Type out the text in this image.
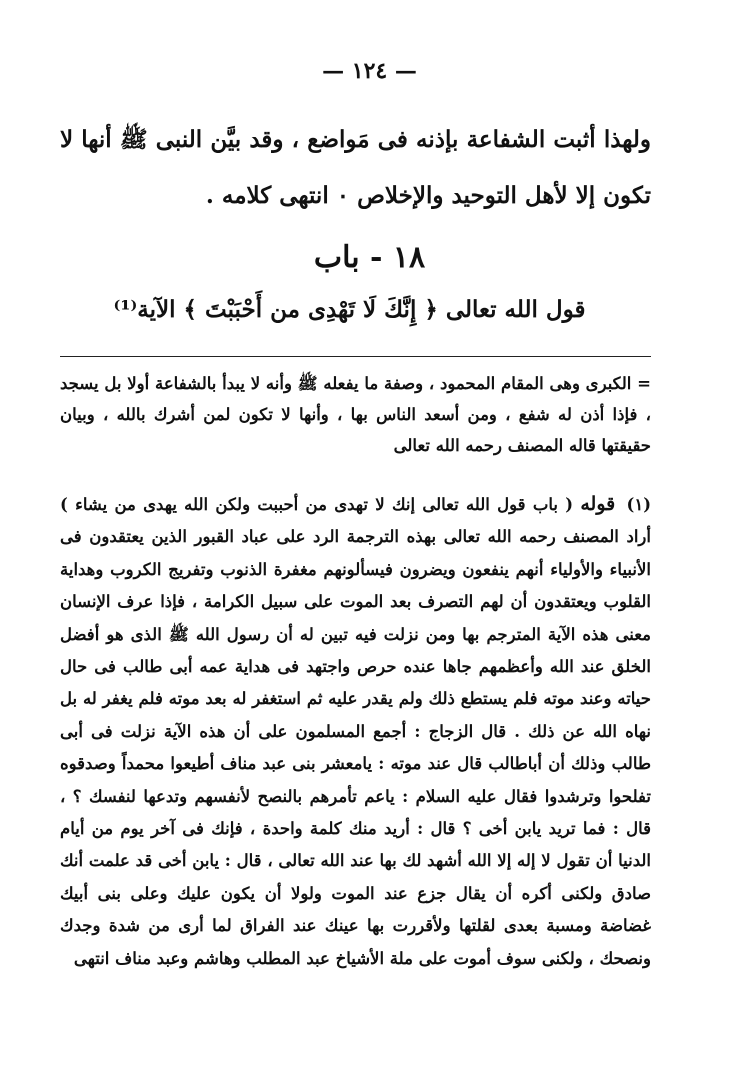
— ١٢٤ —
ولهذا أثبت الشفاعة بإذنه فى مَواضع ، وقد بيَّن النبى ﷺ أنها لا تكون إلا لأهل التوحيد والإخلاص ٠ انتهى كلامه .
١٨ - باب
قول الله تعالى ﴿ إِنَّكَ لَا تَهْدِى من أَحْبَبْتَ ﴾ الآية⁽¹⁾
= الكبرى وهى المقام المحمود ، وصفة ما يفعله ﷺ وأنه لا يبدأ بالشفاعة أولا بل يسجد ، فإذا أذن له شفع ، ومن أسعد الناس بها ، وأنها لا تكون لمن أشرك بالله ، وبيان حقيقتها قاله المصنف رحمه الله تعالى
(١) قوله ( باب قول الله تعالى إنك لا تهدى من أحببت ولكن الله يهدى من يشاء ) أراد المصنف رحمه الله تعالى بهذه الترجمة الرد على عباد القبور الذين يعتقدون فى الأنبياء والأولياء أنهم ينفعون ويضرون فيسألونهم مغفرة الذنوب وتفريج الكروب وهداية القلوب ويعتقدون أن لهم التصرف بعد الموت على سبيل الكرامة ، فإذا عرف الإنسان معنى هذه الآية المترجم بها ومن نزلت فيه تبين له أن رسول الله ﷺ الذى هو أفضل الخلق عند الله وأعظمهم جاها عنده حرص واجتهد فى هداية عمه أبى طالب فى حال حياته وعند موته فلم يستطع ذلك ولم يقدر عليه ثم استغفر له بعد موته فلم يغفر له بل نهاه الله عن ذلك . قال الزجاج : أجمع المسلمون على أن هذه الآية نزلت فى أبى طالب وذلك أن أباطالب قال عند موته : يامعشر بنى عبد مناف أطيعوا محمداً وصدقوه تفلحوا وترشدوا فقال عليه السلام : ياعم تأمرهم بالنصح لأنفسهم وتدعها لنفسك ؟ ، قال : فما تريد يابن أخى ؟ قال : أريد منك كلمة واحدة ، فإنك فى آخر يوم من أيام الدنيا أن تقول لا إله إلا الله أشهد لك بها عند الله تعالى ، قال : يابن أخى قد علمت أنك صادق ولكنى أكره أن يقال جزع عند الموت ولولا أن يكون عليك وعلى بنى أبيك غضاضة ومسبة بعدى لقلتها ولأقررت بها عينك عند الفراق لما أرى من شدة وجدك ونصحك ، ولكنى سوف أموت على ملة الأشياخ عبد المطلب وهاشم وعبد مناف انتهى
